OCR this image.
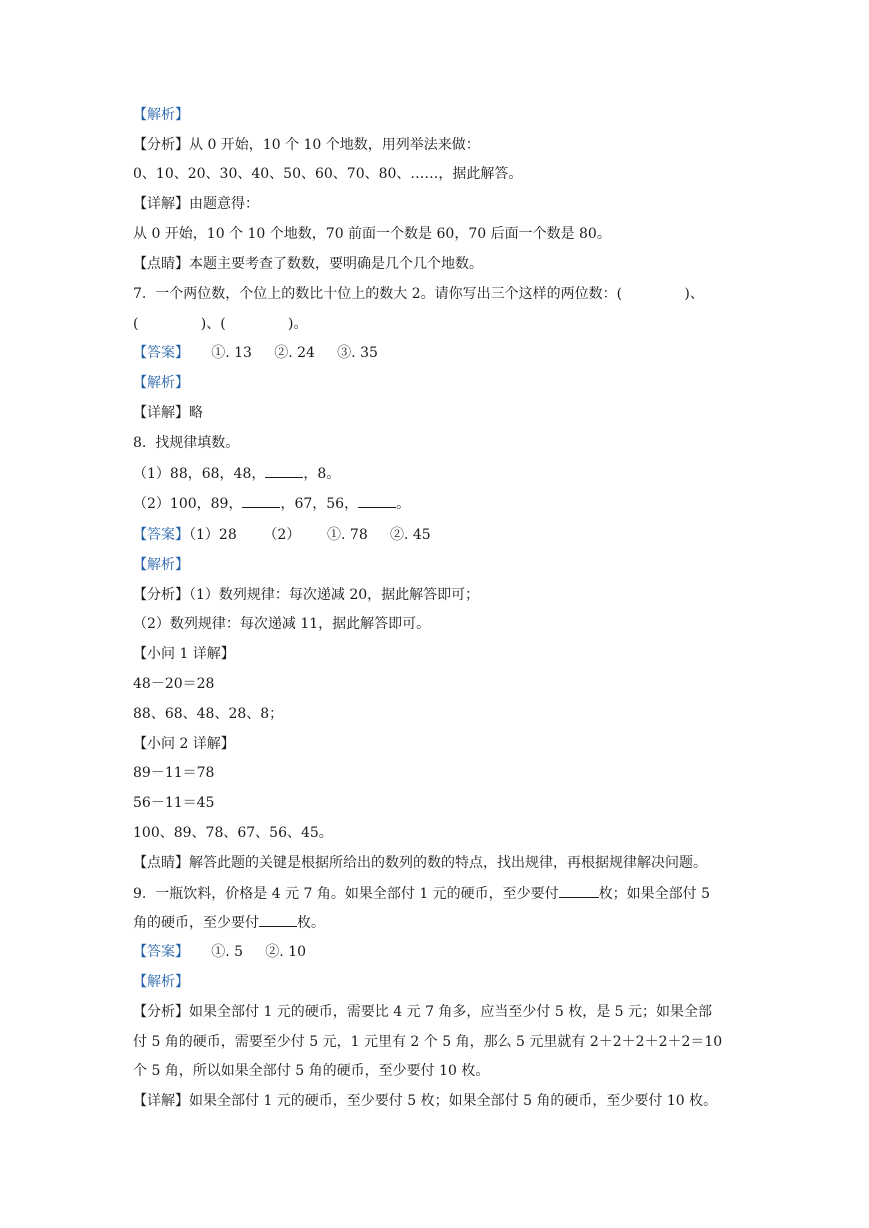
【解析】
【分析】从 0 开始，10 个 10 个地数，用列举法来做：
0、10、20、30、40、50、60、70、80、……，据此解答。
【详解】由题意得：
从 0 开始，10 个 10 个地数，70 前面一个数是 60，70 后面一个数是 80。
【点睛】本题主要考查了数数，要明确是几个几个地数。
7.  一个两位数，个位上的数比十位上的数大 2。请你写出三个这样的两位数：(              )、
(              )、(              )。
【答案】     ①. 13     ②. 24     ③. 35
【解析】
【详解】略
8.  找规律填数。
（1）88，68，48，	，8。
（2）100，89，	，67，56，	。
【答案】（1）28      （2）      ①. 78     ②. 45
【解析】
【分析】（1）数列规律：每次递减 20，据此解答即可；
（2）数列规律：每次递减 11，据此解答即可。
【小问 1 详解】
48－20＝28
88、68、48、28、8；
【小问 2 详解】
89－11＝78
56－11＝45
100、89、78、67、56、45。
【点睛】解答此题的关键是根据所给出的数列的数的特点，找出规律，再根据规律解决问题。
9.  一瓶饮料，价格是 4 元 7 角。如果全部付 1 元的硬币，至少要付	枚；如果全部付 5
角的硬币，至少要付	枚。
【答案】     ①. 5     ②. 10
【解析】
【分析】如果全部付 1 元的硬币，需要比 4 元 7 角多，应当至少付 5 枚，是 5 元；如果全部
付 5 角的硬币，需要至少付 5 元，1 元里有 2 个 5 角，那么 5 元里就有 2＋2＋2＋2＋2＝10
个 5 角，所以如果全部付 5 角的硬币，至少要付 10 枚。
【详解】如果全部付 1 元的硬币，至少要付 5 枚；如果全部付 5 角的硬币，至少要付 10 枚。
